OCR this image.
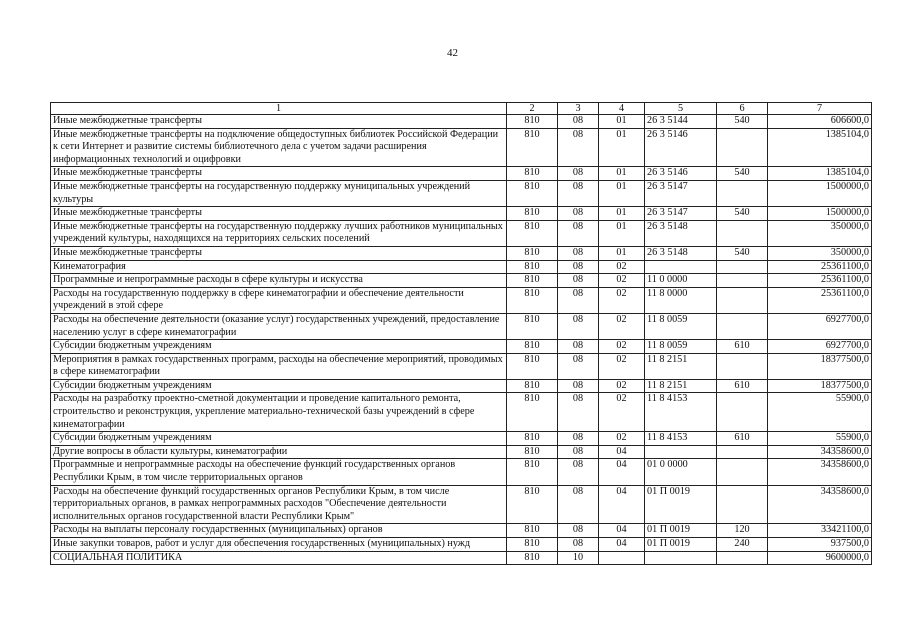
42
1	2	3	4	5	6	7
Иные межбюджетные трансферты	810	08	01	26 3 5144	540	606600,0
Иные межбюджетные трансферты на подключение общедоступных библиотек Российской Федерации к сети Интернет и развитие системы библиотечного дела с учетом задачи расширения информационных технологий и оцифровки	810	08	01	26 3 5146		1385104,0
Иные межбюджетные трансферты	810	08	01	26 3 5146	540	1385104,0
Иные межбюджетные трансферты на государственную поддержку муниципальных учреждений культуры	810	08	01	26 3 5147		1500000,0
Иные межбюджетные трансферты	810	08	01	26 3 5147	540	1500000,0
Иные межбюджетные трансферты на государственную поддержку лучших работников муниципальных учреждений культуры, находящихся на территориях сельских поселений	810	08	01	26 3 5148		350000,0
Иные межбюджетные трансферты	810	08	01	26 3 5148	540	350000,0
Кинематография	810	08	02			25361100,0
Программные и непрограммные расходы в сфере культуры и искусства	810	08	02	11 0 0000		25361100,0
Расходы на государственную поддержку в сфере кинематографии и обеспечение деятельности учреждений в этой сфере	810	08	02	11 8 0000		25361100,0
Расходы на обеспечение деятельности (оказание услуг) государственных учреждений, предоставление населению услуг в сфере кинематографии	810	08	02	11 8 0059		6927700,0
Субсидии бюджетным учреждениям	810	08	02	11 8 0059	610	6927700,0
Мероприятия в рамках государственных программ, расходы на обеспечение мероприятий, проводимых в сфере кинематографии	810	08	02	11 8 2151		18377500,0
Субсидии бюджетным учреждениям	810	08	02	11 8 2151	610	18377500,0
Расходы на разработку проектно-сметной документации и проведение капитального ремонта, строительство и реконструкция, укрепление материально-технической базы учреждений в сфере кинематографии	810	08	02	11 8 4153		55900,0
Субсидии бюджетным учреждениям	810	08	02	11 8 4153	610	55900,0
Другие вопросы в области культуры, кинематографии	810	08	04			34358600,0
Программные и непрограммные расходы на обеспечение функций государственных органов Республики Крым, в том числе территориальных органов	810	08	04	01 0 0000		34358600,0
Расходы на обеспечение функций государственных органов Республики Крым, в том числе территориальных органов, в рамках непрограммных расходов "Обеспечение деятельности исполнительных органов государственной власти Республики Крым"	810	08	04	01 П 0019		34358600,0
Расходы на выплаты персоналу государственных (муниципальных) органов	810	08	04	01 П 0019	120	33421100,0
Иные закупки товаров, работ и услуг для обеспечения государственных (муниципальных) нужд	810	08	04	01 П 0019	240	937500,0
СОЦИАЛЬНАЯ ПОЛИТИКА	810	10				9600000,0
